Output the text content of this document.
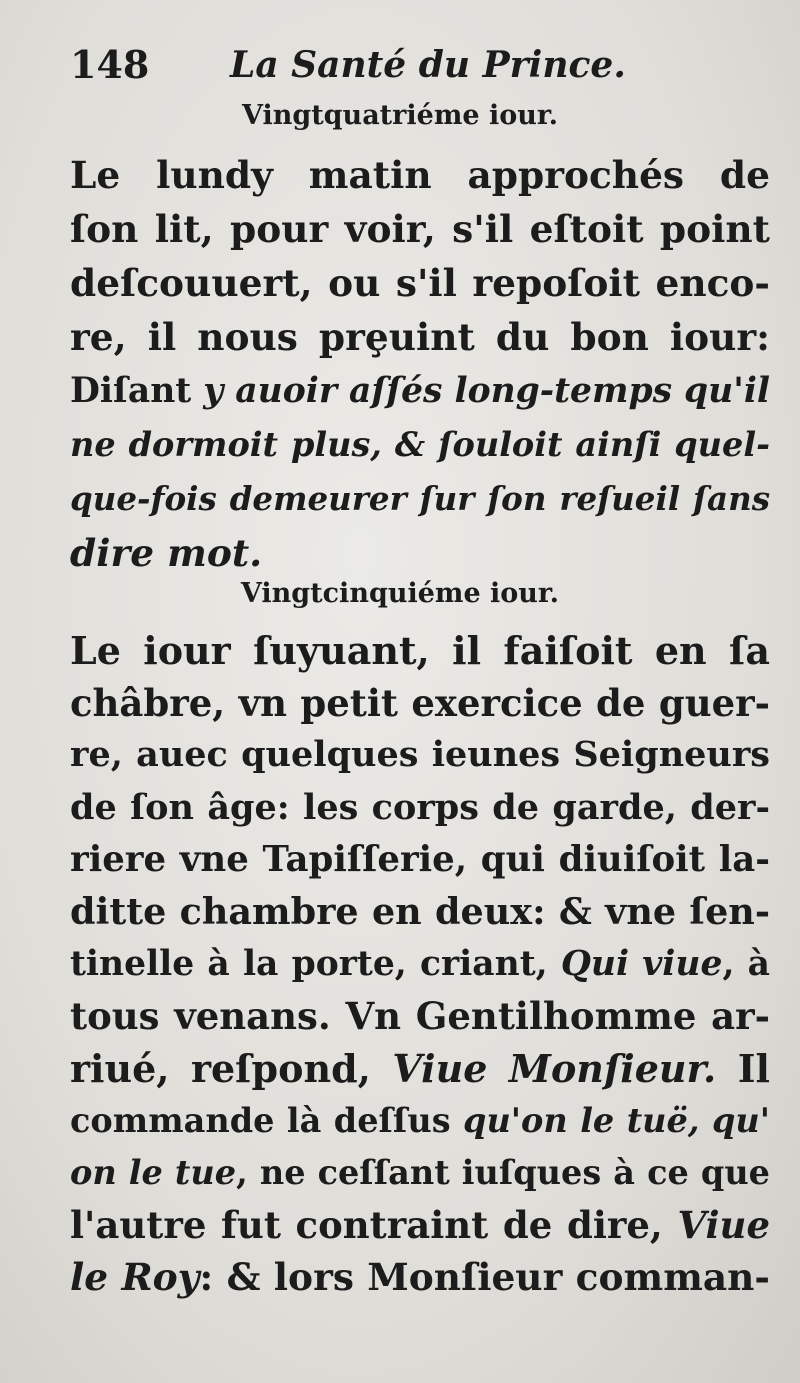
148 La Santé du Prince.
Vingtquatriéme iour.
Le lundy matin approchés de
ſon lit, pour voir, s'il eſtoit point
deſcouuert, ou s'il repoſoit enco-
re, il nous prȩuint du bon iour:
Diſant y auoir aſſés long-temps qu'il
ne dormoit plus, & ſouloit ainſi quel-
que-fois demeurer ſur ſon reſueil ſans
dire mot.
Vingtcinquiéme iour.
Le iour ſuyuant, il faiſoit en ſa
châbre, vn petit exercice de guer-
re, auec quelques ieunes Seigneurs
de ſon âge: les corps de garde, der-
riere vne Tapiſſerie, qui diuiſoit la-
ditte chambre en deux: & vne ſen-
tinelle à la porte, criant, Qui viue, à
tous venans. Vn Gentilhomme ar-
riué, reſpond, Viue Monſieur. Il
commande là deſſus qu'on le tuë, qu'
on le tue, ne ceſſant iuſques à ce que
l'autre fut contraint de dire, Viue
le Roy: & lors Monſieur comman-
